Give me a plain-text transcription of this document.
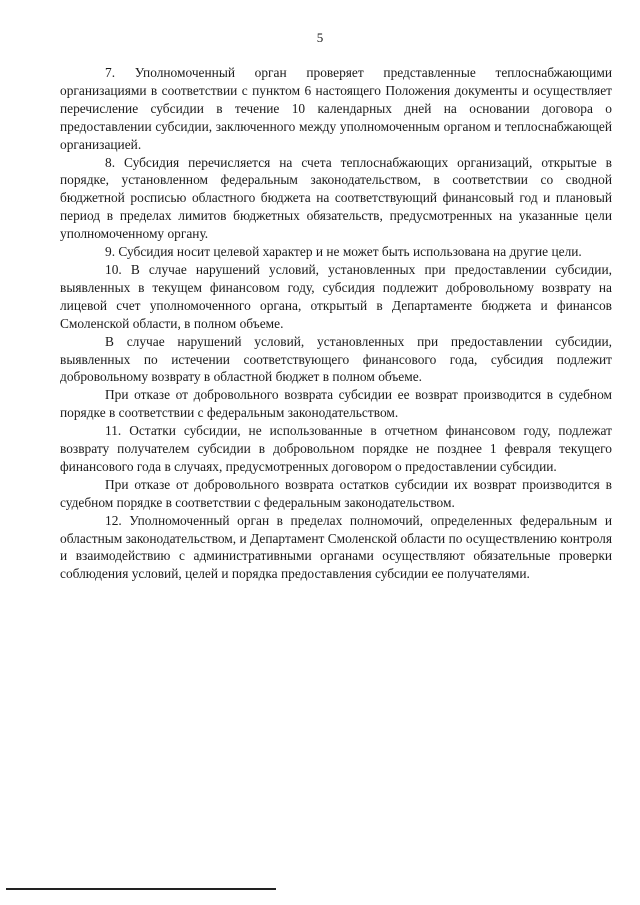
5

7. Уполномоченный орган проверяет представленные теплоснабжающими организациями в соответствии с пунктом 6 настоящего Положения документы и осуществляет перечисление субсидии в течение 10 календарных дней на основании договора о предоставлении субсидии, заключенного между уполномоченным органом и теплоснабжающей организацией.

8. Субсидия перечисляется на счета теплоснабжающих организаций, открытые в порядке, установленном федеральным законодательством, в соответствии со сводной бюджетной росписью областного бюджета на соответствующий финансовый год и плановый период в пределах лимитов бюджетных обязательств, предусмотренных на указанные цели уполномоченному органу.

9. Субсидия носит целевой характер и не может быть использована на другие цели.

10. В случае нарушений условий, установленных при предоставлении субсидии, выявленных в текущем финансовом году, субсидия подлежит добровольному возврату на лицевой счет уполномоченного органа, открытый в Департаменте бюджета и финансов Смоленской области, в полном объеме.

В случае нарушений условий, установленных при предоставлении субсидии, выявленных по истечении соответствующего финансового года, субсидия подлежит добровольному возврату в областной бюджет в полном объеме.

При отказе от добровольного возврата субсидии ее возврат производится в судебном порядке в соответствии с федеральным законодательством.

11. Остатки субсидии, не использованные в отчетном финансовом году, подлежат возврату получателем субсидии в добровольном порядке не позднее 1 февраля текущего финансового года в случаях, предусмотренных договором о предоставлении субсидии.

При отказе от добровольного возврата остатков субсидии их возврат производится в судебном порядке в соответствии с федеральным законодательством.

12. Уполномоченный орган в пределах полномочий, определенных федеральным и областным законодательством, и Департамент Смоленской области по осуществлению контроля и взаимодействию с административными органами осуществляют обязательные проверки соблюдения условий, целей и порядка предоставления субсидии ее получателями.
